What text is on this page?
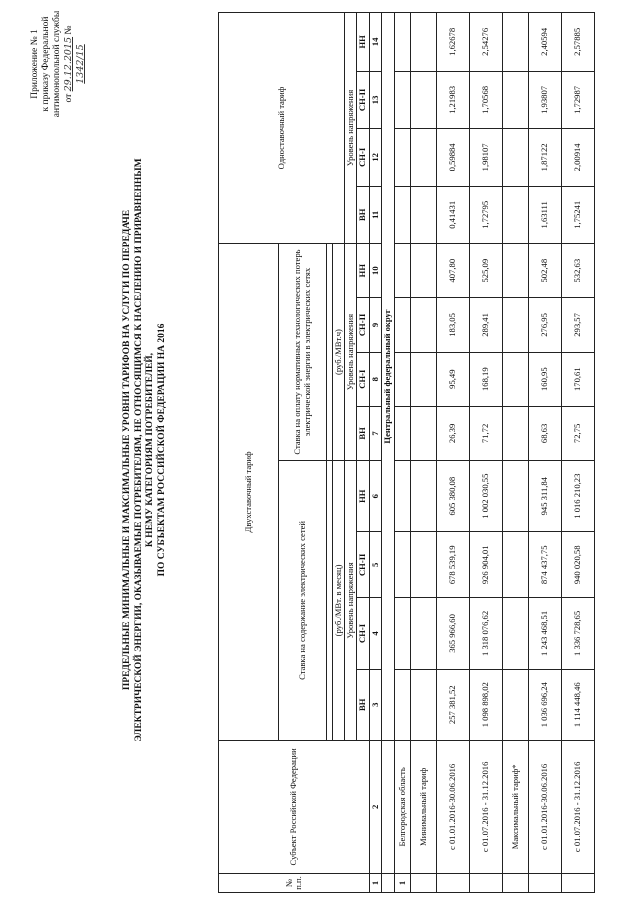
Приложение № 1 к приказу Федеральной антимонопольной службы от 29.12.2015 № 1342/15
ПРЕДЕЛЬНЫЕ МИНИМАЛЬНЫЕ И МАКСИМАЛЬНЫЕ УРОВНИ ТАРИФОВ НА УСЛУГИ ПО ПЕРЕДАЧЕ ЭЛЕКТРИЧЕСКОЙ ЭНЕРГИИ, ОКАЗЫВАЕМЫЕ ПОТРЕБИТЕЛЯМ, НЕ ОТНОСЯЩИМСЯ К НАСЕЛЕНИЮ И ПРИРАВНЕННЫМ К НЕМУ КАТЕГОРИЯМ ПОТРЕБИТЕЛЕЙ, ПО СУБЪЕКТАМ РОССИЙСКОЙ ФЕДЕРАЦИИ НА 2016
№ п.п.	Субъект Российской Федерации	Двухставочный тариф								Одноставочный тариф			
		Ставка на содержание электрических сетей				Ставка на оплату нормативных технологических потерь электрической энергии в электрических сетях							

		(руб./МВт. в месяц)				(руб./МВт.ч)							
		Уровень напряжения				Уровень напряжения				Уровень напряжения			
		ВН	СН-I	СН-II	НН	ВН	СН-I	СН-II	НН	ВН	СН-I	СН-II	НН
1	2	3	4	5	6	7	8	9	10	11	12	13	14
		Центральный федеральный округ											
1	Белгородская область												
	Минимальный тариф												
	с 01.01.2016-30.06.2016	257 381,52	365 966,60	678 539,19	605 380,08	26,39	95,49	183,05	407,80	0,41431	0,59884	1,21983	1,62678
	с 01.07.2016 - 31.12.2016	1 098 898,02	1 318 076,62	926 904,01	1 002 030,55	71,72	168,19	289,41	525,09	1,72795	1,98107	1,70568	2,54276
	Максимальный тариф*												
	с 01.01.2016-30.06.2016	1 036 696,24	1 243 468,51	874 437,75	945 311,84	68,63	160,95	276,95	502,48	1,63111	1,87122	1,93807	2,40594
	с 01.07.2016 - 31.12.2016	1 114 448,46	1 336 728,65	940 020,58	1 016 210,23	72,75	170,61	293,57	532,63	1,75241	2,00914	1,72987	2,57885
